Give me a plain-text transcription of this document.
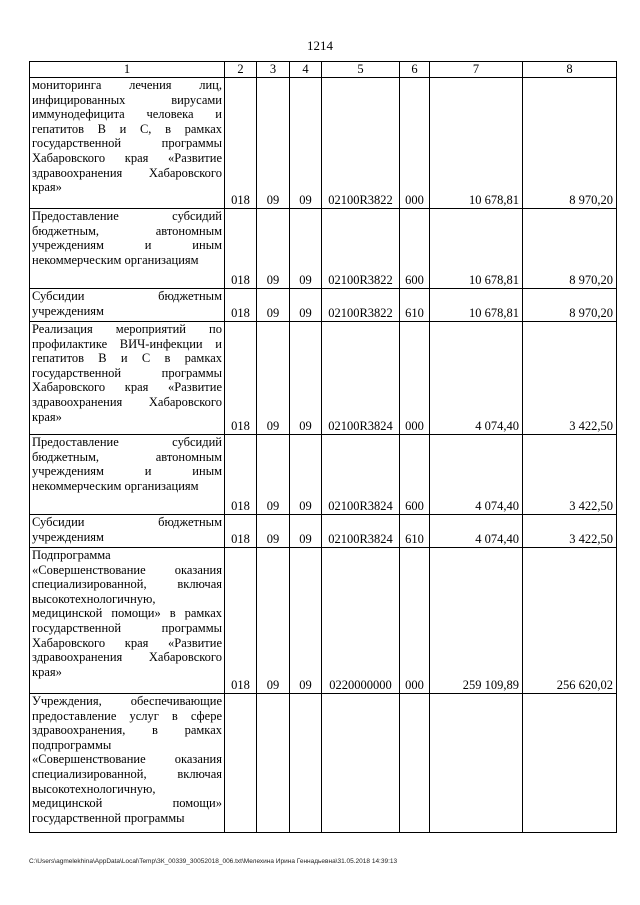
1214
1	2	3	4	5	6	7	8
мониторинга лечения лиц, инфицированных вирусами иммунодефицита человека и гепатитов В и С, в рамках государственной программы Хабаровского края «Развитие здравоохранения Хабаровского края»	018	09	09	02100R3822	000	10 678,81	8 970,20
Предоставление субсидий бюджетным, автономным учреждениям и иным некоммерческим организациям	018	09	09	02100R3822	600	10 678,81	8 970,20
Субсидии бюджетным учреждениям	018	09	09	02100R3822	610	10 678,81	8 970,20
Реализация мероприятий по профилактике ВИЧ-инфекции и гепатитов В и С в рамках государственной программы Хабаровского края «Развитие здравоохранения Хабаровского края»	018	09	09	02100R3824	000	4 074,40	3 422,50
Предоставление субсидий бюджетным, автономным учреждениям и иным некоммерческим организациям	018	09	09	02100R3824	600	4 074,40	3 422,50
Субсидии бюджетным учреждениям	018	09	09	02100R3824	610	4 074,40	3 422,50
Подпрограмма «Совершенствование оказания специализированной, включая высокотехнологичную, медицинской помощи» в рамках государственной программы Хабаровского края «Развитие здравоохранения Хабаровского края»	018	09	09	0220000000	000	259 109,89	256 620,02
Учреждения, обеспечивающие предоставление услуг в сфере здравоохранения, в рамках подпрограммы «Совершенствование оказания специализированной, включая высокотехнологичную, медицинской помощи» государственной программы							
C:\Users\agmelekhina\AppData\Local\Temp\ЗК_00339_30052018_006.txt\Мелехина Ирина Геннадьевна\31.05.2018 14:39:13
